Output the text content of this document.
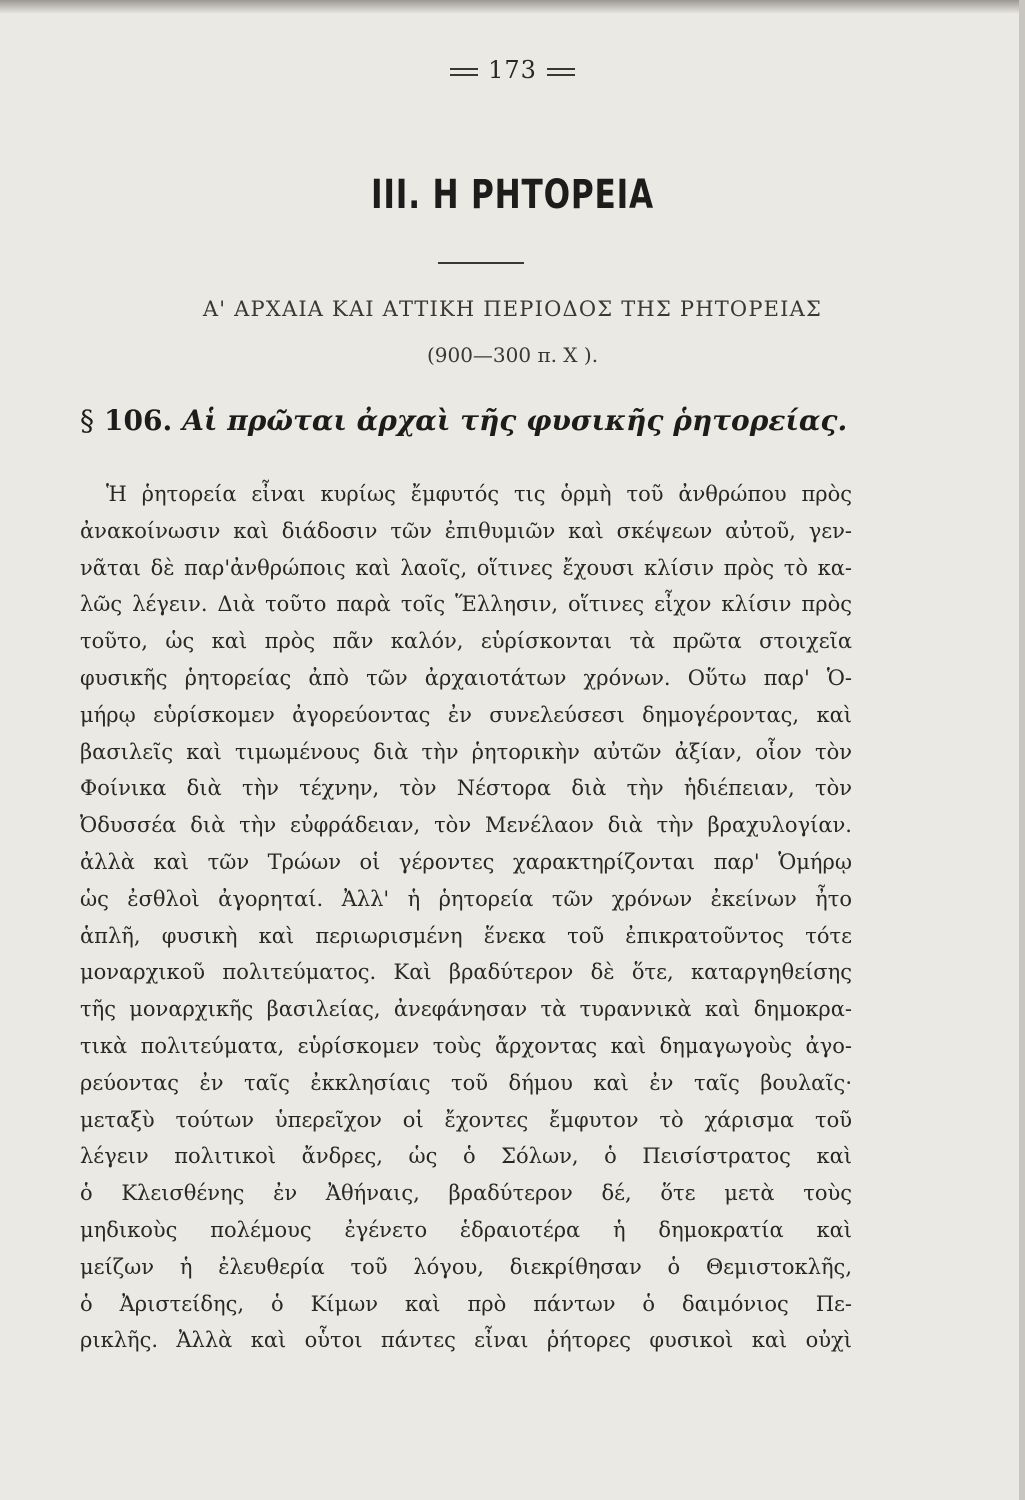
173
III. Η ΡΗΤΟΡΕΙΑ
Α' ΑΡΧΑΙΑ ΚΑΙ ΑΤΤΙΚΗ ΠΕΡΙΟΔΟΣ ΤΗΣ ΡΗΤΟΡΕΙΑΣ
(900—300 π. Χ ).
§ 106. Αἱ πρῶται ἀρχαὶ τῆς φυσικῆς ῥητορείας.
Ἡ ῥητορεία εἶναι κυρίως ἔμφυτός τις ὁρμὴ τοῦ ἀνθρώπου πρὸς
ἀνακοίνωσιν καὶ διάδοσιν τῶν ἐπιθυμιῶν καὶ σκέψεων αὐτοῦ, γεν-
νᾶται δὲ παρ'ἀνθρώποις καὶ λαοῖς, οἵτινες ἔχουσι κλίσιν πρὸς τὸ κα-
λῶς λέγειν. Διὰ τοῦτο παρὰ τοῖς Ἕλλησιν, οἵτινες εἶχον κλίσιν πρὸς
τοῦτο, ὡς καὶ πρὸς πᾶν καλόν, εὑρίσκονται τὰ πρῶτα στοιχεῖα
φυσικῆς ῥητορείας ἀπὸ τῶν ἀρχαιοτάτων χρόνων. Οὕτω παρ' Ὁ-
μήρῳ εὑρίσκομεν ἀγορεύοντας ἐν συνελεύσεσι δημογέροντας, καὶ
βασιλεῖς καὶ τιμωμένους διὰ τὴν ῥητορικὴν αὐτῶν ἀξίαν, οἷον τὸν
Φοίνικα διὰ τὴν τέχνην, τὸν Νέστορα διὰ τὴν ἡδιέπειαν, τὸν
Ὀδυσσέα διὰ τὴν εὐφράδειαν, τὸν Μενέλαον διὰ τὴν βραχυλογίαν.
ἀλλὰ καὶ τῶν Τρώων οἱ γέροντες χαρακτηρίζονται παρ' Ὁμήρῳ
ὡς ἐσθλοὶ ἀγορηταί. Ἀλλ' ἡ ῥητορεία τῶν χρόνων ἐκείνων ἦτο
ἁπλῆ, φυσικὴ καὶ περιωρισμένη ἕνεκα τοῦ ἐπικρατοῦντος τότε
μοναρχικοῦ πολιτεύματος. Καὶ βραδύτερον δὲ ὅτε, καταργηθείσης
τῆς μοναρχικῆς βασιλείας, ἀνεφάνησαν τὰ τυραννικὰ καὶ δημοκρα-
τικὰ πολιτεύματα, εὑρίσκομεν τοὺς ἄρχοντας καὶ δημαγωγοὺς ἀγο-
ρεύοντας ἐν ταῖς ἐκκλησίαις τοῦ δήμου καὶ ἐν ταῖς βουλαῖς·
μεταξὺ τούτων ὑπερεῖχον οἱ ἔχοντες ἔμφυτον τὸ χάρισμα τοῦ
λέγειν πολιτικοὶ ἄνδρες, ὡς ὁ Σόλων, ὁ Πεισίστρατος καὶ
ὁ Κλεισθένης ἐν Ἀθήναις, βραδύτερον δέ, ὅτε μετὰ τοὺς
μηδικοὺς πολέμους ἐγένετο ἑδραιοτέρα ἡ δημοκρατία καὶ
μείζων ἡ ἐλευθερία τοῦ λόγου, διεκρίθησαν ὁ Θεμιστοκλῆς,
ὁ Ἀριστείδης, ὁ Κίμων καὶ πρὸ πάντων ὁ δαιμόνιος Πε-
ρικλῆς. Ἀλλὰ καὶ οὗτοι πάντες εἶναι ῥήτορες φυσικοὶ καὶ οὐχὶ
